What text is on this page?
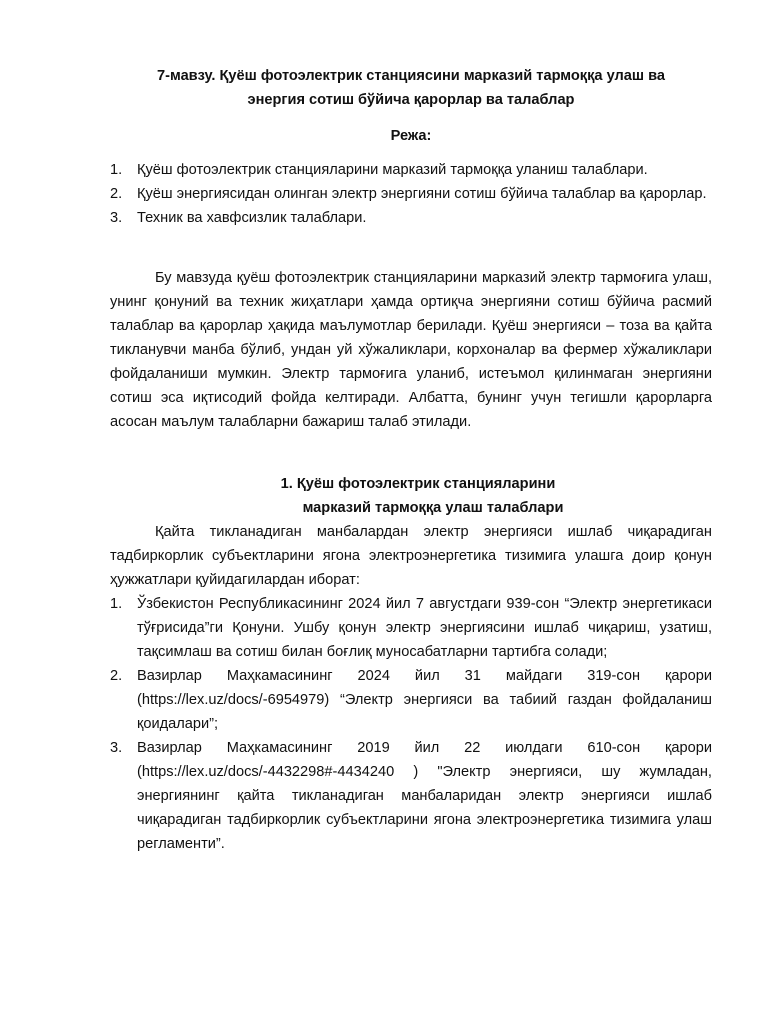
7-мавзу. Қуёш фотоэлектрик станциясини марказий тармоққа улаш ва
энергия сотиш бўйича қарорлар ва талаблар
Режа:
1. Қуёш фотоэлектрик станцияларини марказий тармоққа уланиш талаблари.
2. Қуёш энергиясидан олинган электр энергияни сотиш бўйича талаблар ва қарорлар.
3. Техник ва хавфсизлик талаблари.

Бу мавзуда қуёш фотоэлектрик станцияларини марказий электр тармоғига улаш, унинг қонуний ва техник жиҳатлари ҳамда ортиқча энергияни сотиш бўйича расмий талаблар ва қарорлар ҳақида маълумотлар берилади. Қуёш энергияси – тоза ва қайта тикланувчи манба бўлиб, ундан уй хўжаликлари, корхоналар ва фермер хўжаликлари фойдаланиши мумкин. Электр тармоғига уланиб, истеъмол қилинмаган энергияни сотиш эса иқтисодий фойда келтиради. Албатта, бунинг учун тегишли қарорларга асосан маълум талабларни бажариш талаб этилади.

1. Қуёш фотоэлектрик станцияларини
марказий тармоққа улаш талаблари

Қайта тикланадиган манбалардан электр энергияси ишлаб чиқарадиган тадбиркорлик субъектларини ягона электроэнергетика тизимига улашга доир қонун ҳужжатлари қуйидагилардан иборат:

1. Ўзбекистон Республикасининг 2024 йил 7 августдаги 939-сон “Электр энергетикаси тўғрисида”ги Қонуни. Ушбу қонун электр энергиясини ишлаб чиқариш, узатиш, тақсимлаш ва сотиш билан боғлиқ муносабатларни тартибга солади;
2. Вазирлар Маҳкамасининг 2024 йил 31 майдаги 319-сон қарори (https://lex.uz/docs/-6954979) “Электр энергияси ва табиий газдан фойдаланиш қоидалари”;
3. Вазирлар Маҳкамасининг 2019 йил 22 июлдаги 610-сон қарори (https://lex.uz/docs/-4432298#-4434240 ) "Электр энергияси, шу жумладан, энергиянинг қайта тикланадиган манбаларидан электр энергияси ишлаб чиқарадиган тадбиркорлик субъектларини ягона электроэнергетика тизимига улаш регламенти”.
